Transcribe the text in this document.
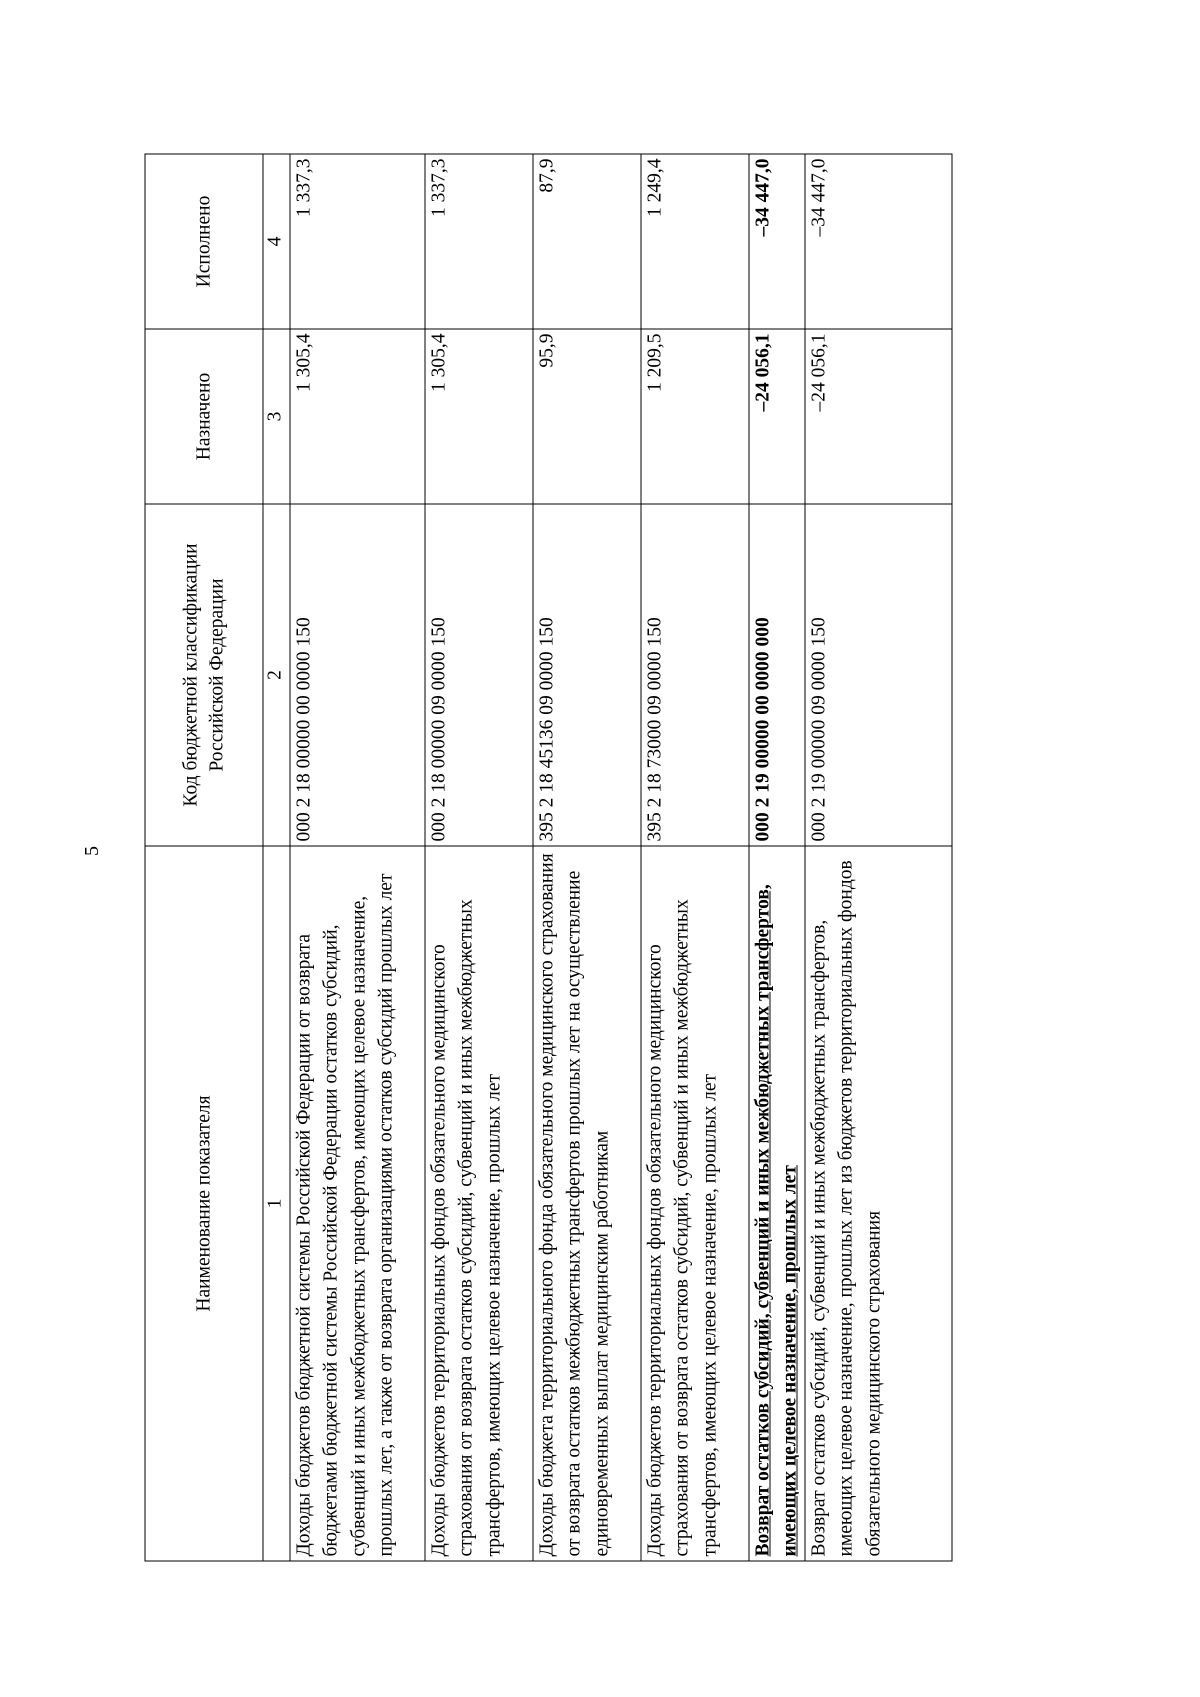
5
Наименование показателя	Код бюджетной классификации Российской Федерации	Назначено	Исполнено
1	2	3	4
Доходы бюджетов бюджетной системы Российской Федерации от возврата бюджетами бюджетной системы Российской Федерации остатков субсидий, субвенций и иных межбюджетных трансфертов, имеющих целевое назначение, прошлых лет, а также от возврата организациями остатков субсидий прошлых лет	000 2 18 00000 00 0000 150	1 305,4	1 337,3
Доходы бюджетов территориальных фондов обязательного медицинского страхования от возврата остатков субсидий, субвенций и иных межбюджетных трансфертов, имеющих целевое назначение, прошлых лет	000 2 18 00000 09 0000 150	1 305,4	1 337,3
Доходы бюджета территориального фонда обязательного медицинского страхования от возврата остатков межбюджетных трансфертов прошлых лет на осуществление единовременных выплат медицинским работникам	395 2 18 45136 09 0000 150	95,9	87,9
Доходы бюджетов территориальных фондов обязательного медицинского страхования от возврата остатков субсидий, субвенций и иных межбюджетных трансфертов, имеющих целевое назначение, прошлых лет	395 2 18 73000 09 0000 150	1 209,5	1 249,4
Возврат остатков субсидий, субвенций и иных межбюджетных трансфертов, имеющих целевое назначение, прошлых лет	000 2 19 00000 00 0000 000	–24 056,1	–34 447,0
Возврат остатков субсидий, субвенций и иных межбюджетных трансфертов, имеющих целевое назначение, прошлых лет из бюджетов территориальных фондов обязательного медицинского страхования	000 2 19 00000 09 0000 150	–24 056,1	–34 447,0
